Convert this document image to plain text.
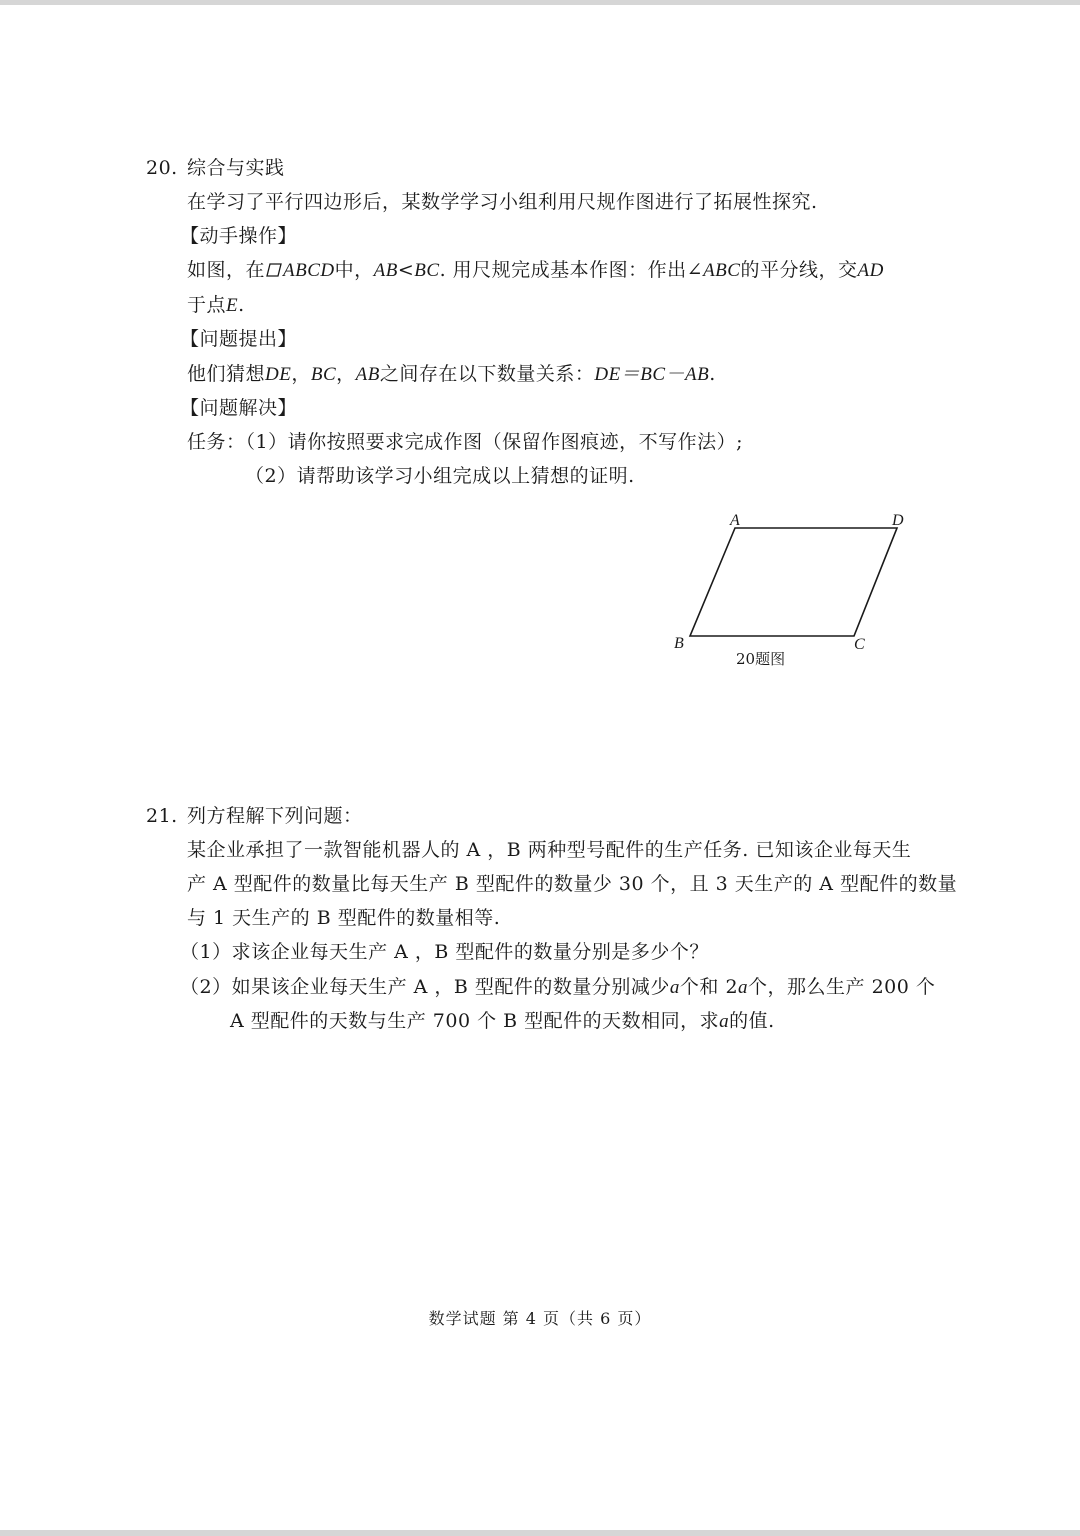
20. 综合与实践
在学习了平行四边形后，某数学学习小组利用尺规作图进行了拓展性探究.
【动手操作】
如图，在 ABCD中，AB<BC. 用尺规完成基本作图：作出∠ABC的平分线，交AD
于点E.
【问题提出】
他们猜想DE，BC，AB之间存在以下数量关系：DE＝BC－AB.
【问题解决】
任务：（1）请你按照要求完成作图（保留作图痕迹，不写作法）;
（2）请帮助该学习小组完成以上猜想的证明.
A	D
B	C
20题图
21. 列方程解下列问题：
某企业承担了一款智能机器人的 A ，B 两种型号配件的生产任务. 已知该企业每天生
产 A 型配件的数量比每天生产 B 型配件的数量少 30 个，且 3 天生产的 A 型配件的数量
与 1 天生产的 B 型配件的数量相等.
（1）求该企业每天生产 A ，B 型配件的数量分别是多少个？
（2）如果该企业每天生产 A ，B 型配件的数量分别减少a个和 2a个，那么生产 200 个
A 型配件的天数与生产 700 个 B 型配件的天数相同，求a的值.
数学试题 第 4 页（共 6 页）
